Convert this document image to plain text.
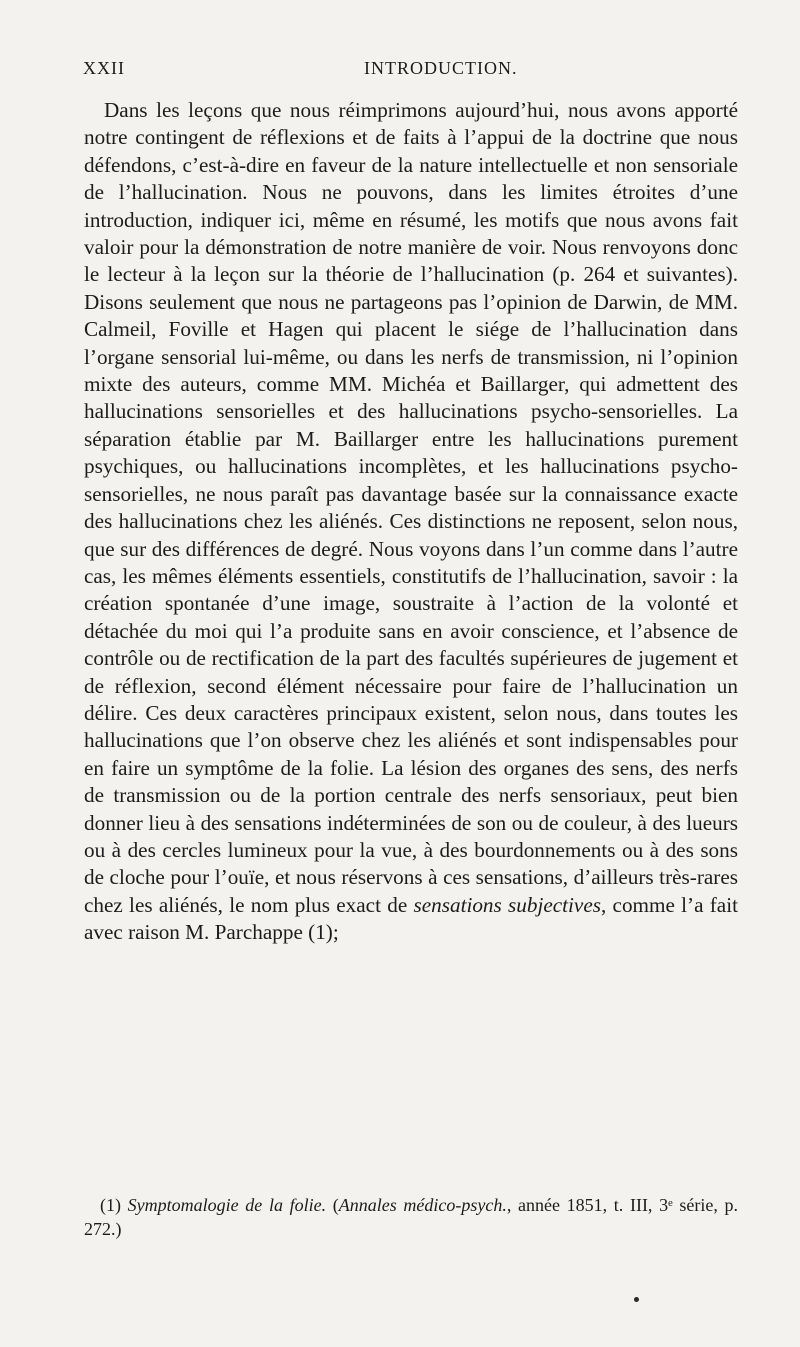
XXII	INTRODUCTION.

Dans les leçons que nous réimprimons aujourd’hui, nous avons apporté notre contingent de réflexions et de faits à l’appui de la doctrine que nous défendons, c’est-à-dire en faveur de la nature intellectuelle et non sensoriale de l’hallucination. Nous ne pouvons, dans les limites étroites d’une introduction, indiquer ici, même en résumé, les motifs que nous avons fait valoir pour la démonstration de notre manière de voir. Nous renvoyons donc le lecteur à la leçon sur la théorie de l’hallucination (p. 264 et suivantes). Disons seulement que nous ne partageons pas l’opinion de Darwin, de MM. Calmeil, Foville et Hagen qui placent le siége de l’hallucination dans l’organe sensorial lui-même, ou dans les nerfs de transmission, ni l’opinion mixte des auteurs, comme MM. Michéa et Baillarger, qui admettent des hallucinations sensorielles et des hallucinations psycho-sensorielles. La séparation établie par M. Baillarger entre les hallucinations purement psychiques, ou hallucinations incomplètes, et les hallucinations psycho-sensorielles, ne nous paraît pas davantage basée sur la connaissance exacte des hallucinations chez les aliénés. Ces distinctions ne reposent, selon nous, que sur des différences de degré. Nous voyons dans l’un comme dans l’autre cas, les mêmes éléments essentiels, constitutifs de l’hallucination, savoir : la création spontanée d’une image, soustraite à l’action de la volonté et détachée du moi qui l’a produite sans en avoir conscience, et l’absence de contrôle ou de rectification de la part des facultés supérieures de jugement et de réflexion, second élément nécessaire pour faire de l’hallucination un délire. Ces deux caractères principaux existent, selon nous, dans toutes les hallucinations que l’on observe chez les aliénés et sont indispensables pour en faire un symptôme de la folie. La lésion des organes des sens, des nerfs de transmission ou de la portion centrale des nerfs sensoriaux, peut bien donner lieu à des sensations indéterminées de son ou de couleur, à des lueurs ou à des cercles lumineux pour la vue, à des bourdonnements ou à des sons de cloche pour l’ouïe, et nous réservons à ces sensations, d’ailleurs très-rares chez les aliénés, le nom plus exact de sensations subjectives, comme l’a fait avec raison M. Parchappe (1);

(1) Symptomalogie de la folie. (Annales médico-psych., année 1851, t. III, 3ᵉ série, p. 272.)
